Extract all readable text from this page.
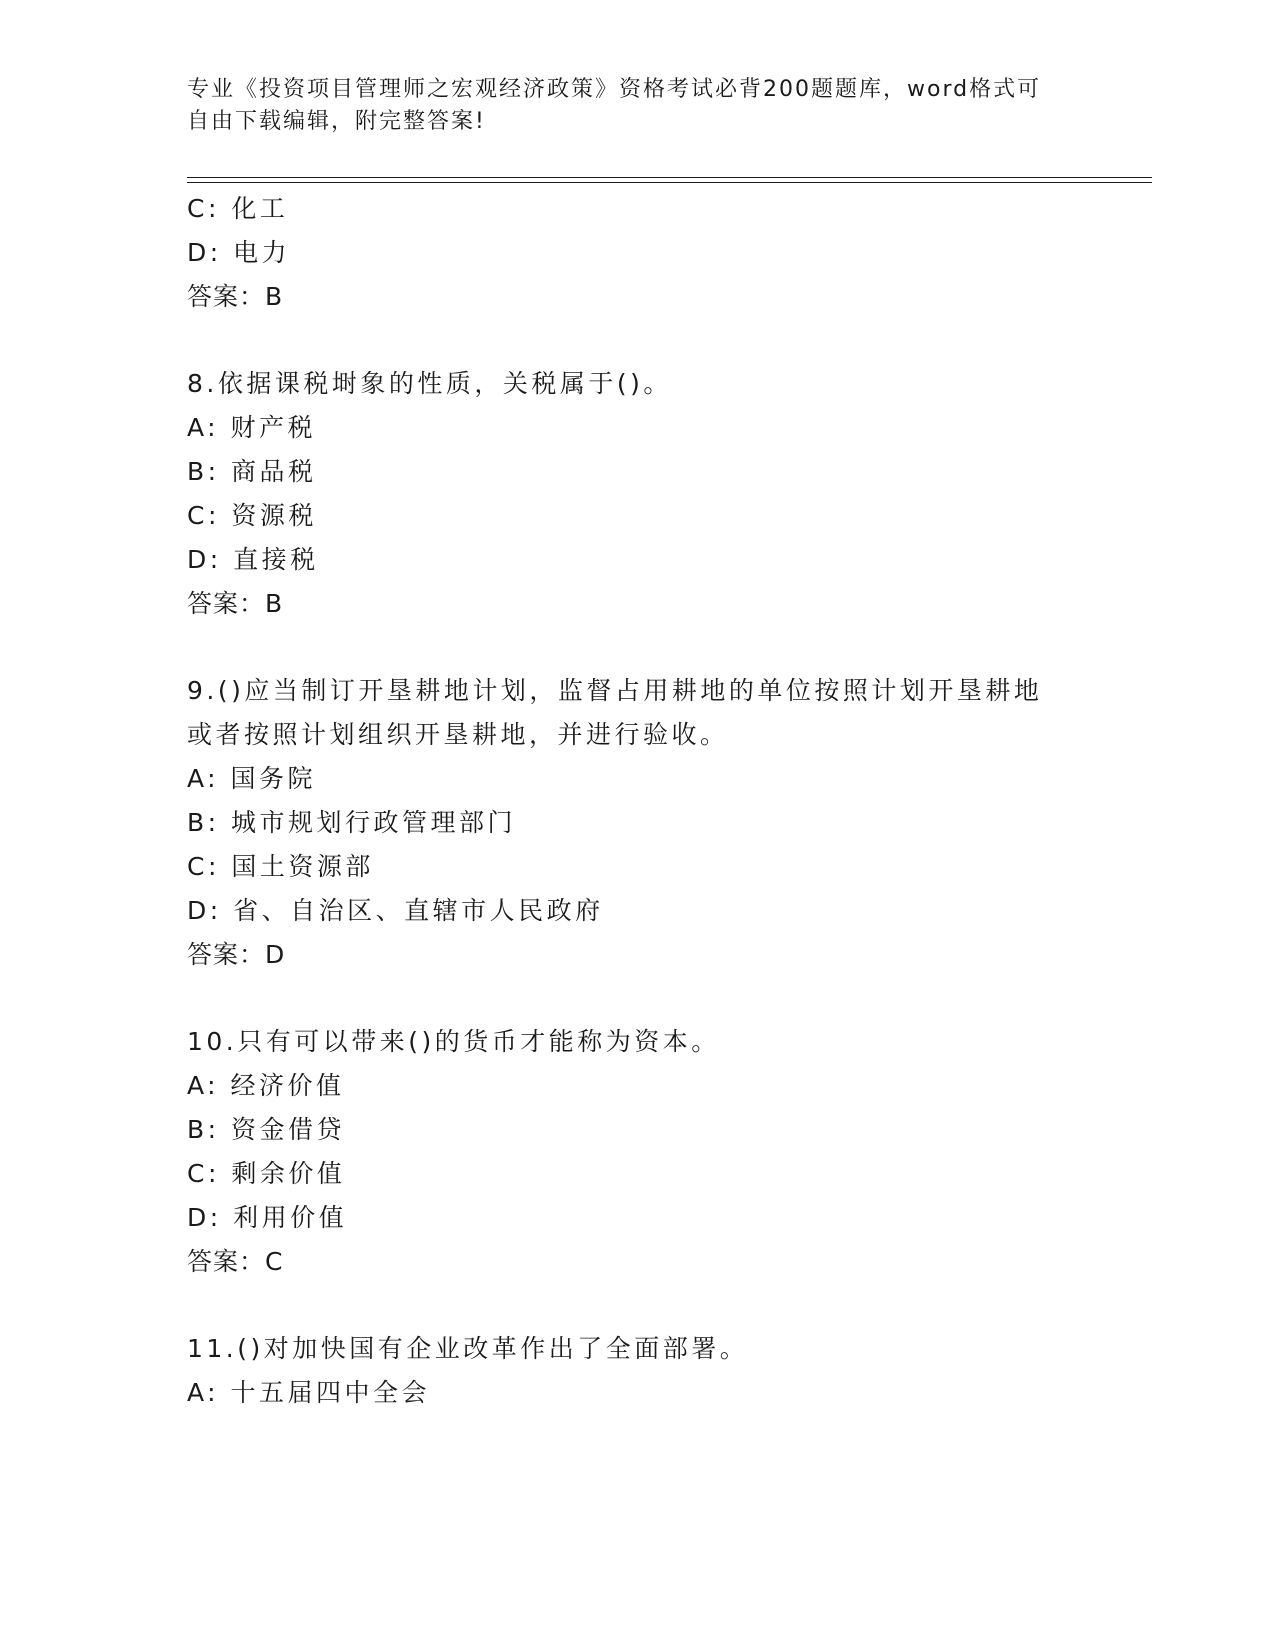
专业《投资项目管理师之宏观经济政策》资格考试必背200题题库，word格式可
自由下载编辑，附完整答案!
C: 化工
D: 电力
答案：B
8.依据课税埘象的性质，关税属于()。
A: 财产税
B: 商品税
C: 资源税
D: 直接税
答案：B
9.()应当制订开垦耕地计划，监督占用耕地的单位按照计划开垦耕地
或者按照计划组织开垦耕地，并进行验收。
A: 国务院
B: 城市规划行政管理部门
C: 国土资源部
D: 省、自治区、直辖市人民政府
答案：D
10.只有可以带来()的货币才能称为资本。
A: 经济价值
B: 资金借贷
C: 剩余价值
D: 利用价值
答案：C
11.()对加快国有企业改革作出了全面部署。
A: 十五届四中全会
